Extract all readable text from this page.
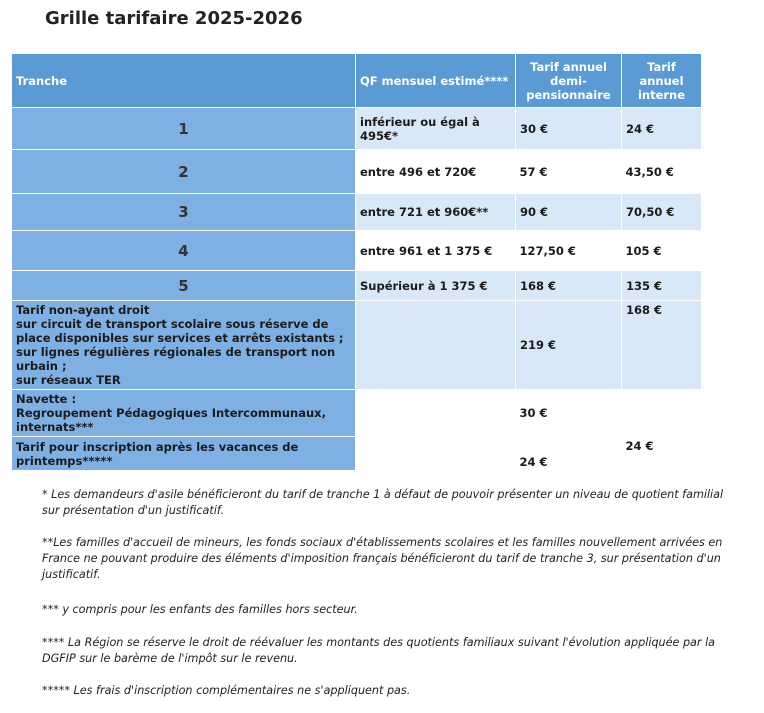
Grille tarifaire 2025-2026
Tranche	QF mensuel estimé****	Tarif annuel demi-pensionnaire	Tarif annuel interne
1	inférieur ou égal à 495€*	30 €	24 €
2	entre 496 et 720€	57 €	43,50 €
3	entre 721 et 960€**	90 €	70,50 €
4	entre 961 et 1 375 €	127,50 €	105 €
5	Supérieur à 1 375 €	168 €	135 €

Tarif non-ayant droit
sur circuit de transport scolaire sous réserve de place disponibles sur services et arrêts existants ;
sur lignes régulières régionales de transport non urbain ;
sur réseaux TER		219 €	168 €

Navette :
Regroupement Pédagogiques Intercommunaux, internats***		30 €	
Tarif pour inscription après les vacances de printemps*****		24 €	24 €

* Les demandeurs d'asile bénéficieront du tarif de tranche 1 à défaut de pouvoir présenter un niveau de quotient familial sur présentation d'un justificatif.

**Les familles d'accueil de mineurs, les fonds sociaux d'établissements scolaires et les familles nouvellement arrivées en France ne pouvant produire des éléments d'imposition français bénéficieront du tarif de tranche 3, sur présentation d'un justificatif.

*** y compris pour les enfants des familles hors secteur.

**** La Région se réserve le droit de réévaluer les montants des quotients familiaux suivant l'évolution appliquée par la DGFIP sur le barème de l'impôt sur le revenu.

***** Les frais d'inscription complémentaires ne s'appliquent pas.
